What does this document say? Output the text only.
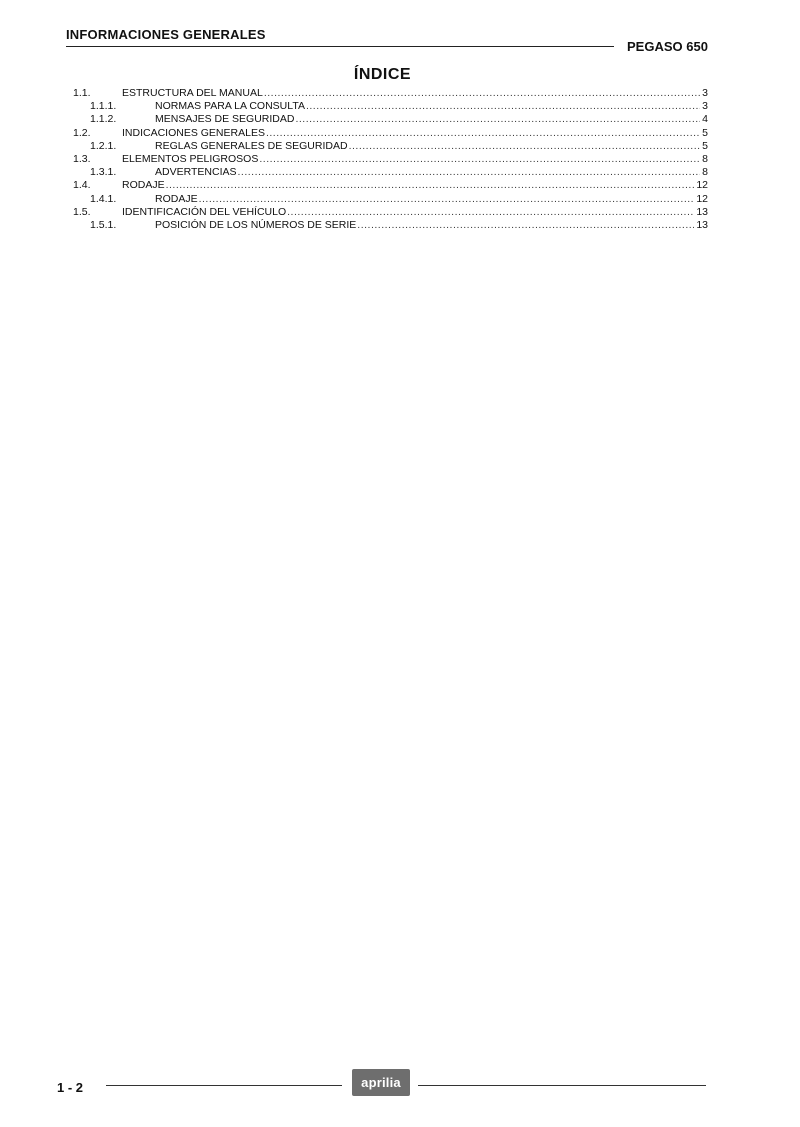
INFORMACIONES GENERALES
PEGASO 650
ÍNDICE
1.1.	ESTRUCTURA DEL MANUAL .....	3
1.1.1.	NORMAS PARA LA CONSULTA .....	3
1.1.2.	MENSAJES DE SEGURIDAD .....	4
1.2.	INDICACIONES GENERALES .....	5
1.2.1.	REGLAS GENERALES DE SEGURIDAD .....	5
1.3.	ELEMENTOS PELIGROSOS .....	8
1.3.1.	ADVERTENCIAS .....	8
1.4.	RODAJE .....	12
1.4.1.	RODAJE .....	12
1.5.	IDENTIFICACIÓN DEL VEHÍCULO .....	13
1.5.1.	POSICIÓN DE LOS NÚMEROS DE SERIE .....	13
1 - 2	aprilia
